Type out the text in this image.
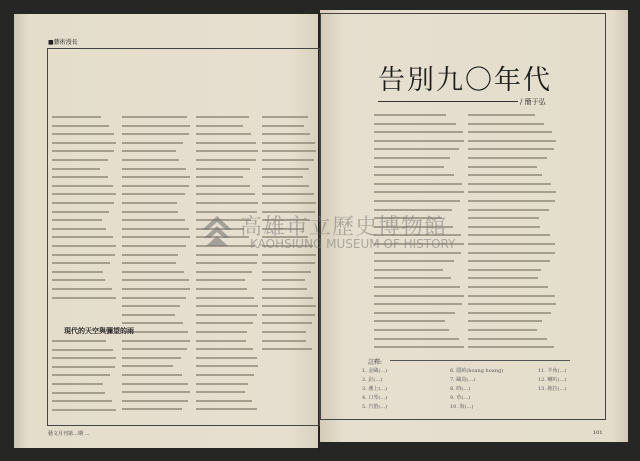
■藝術漫長
現代的天空與彌望的雨
告別九〇年代
/ 簡于弘
註釋:
1. 金鷗(…)
2. 釘(…)
3. 潮上(…)
4. 口琴(…)
5. 汽笛(…)
6. 隱約(hoang hoang)
7. 鷗鳥(…)
8. 時(…)
9. 草(…)
10. 海(…)
11. 羊角(…)
12. 喇叭(…)
13. 拖拉(…)
高雄市立歷史博物館
KAOHSIUNG MUSEUM OF HISTORY
藝文月刊第…期 …	101
